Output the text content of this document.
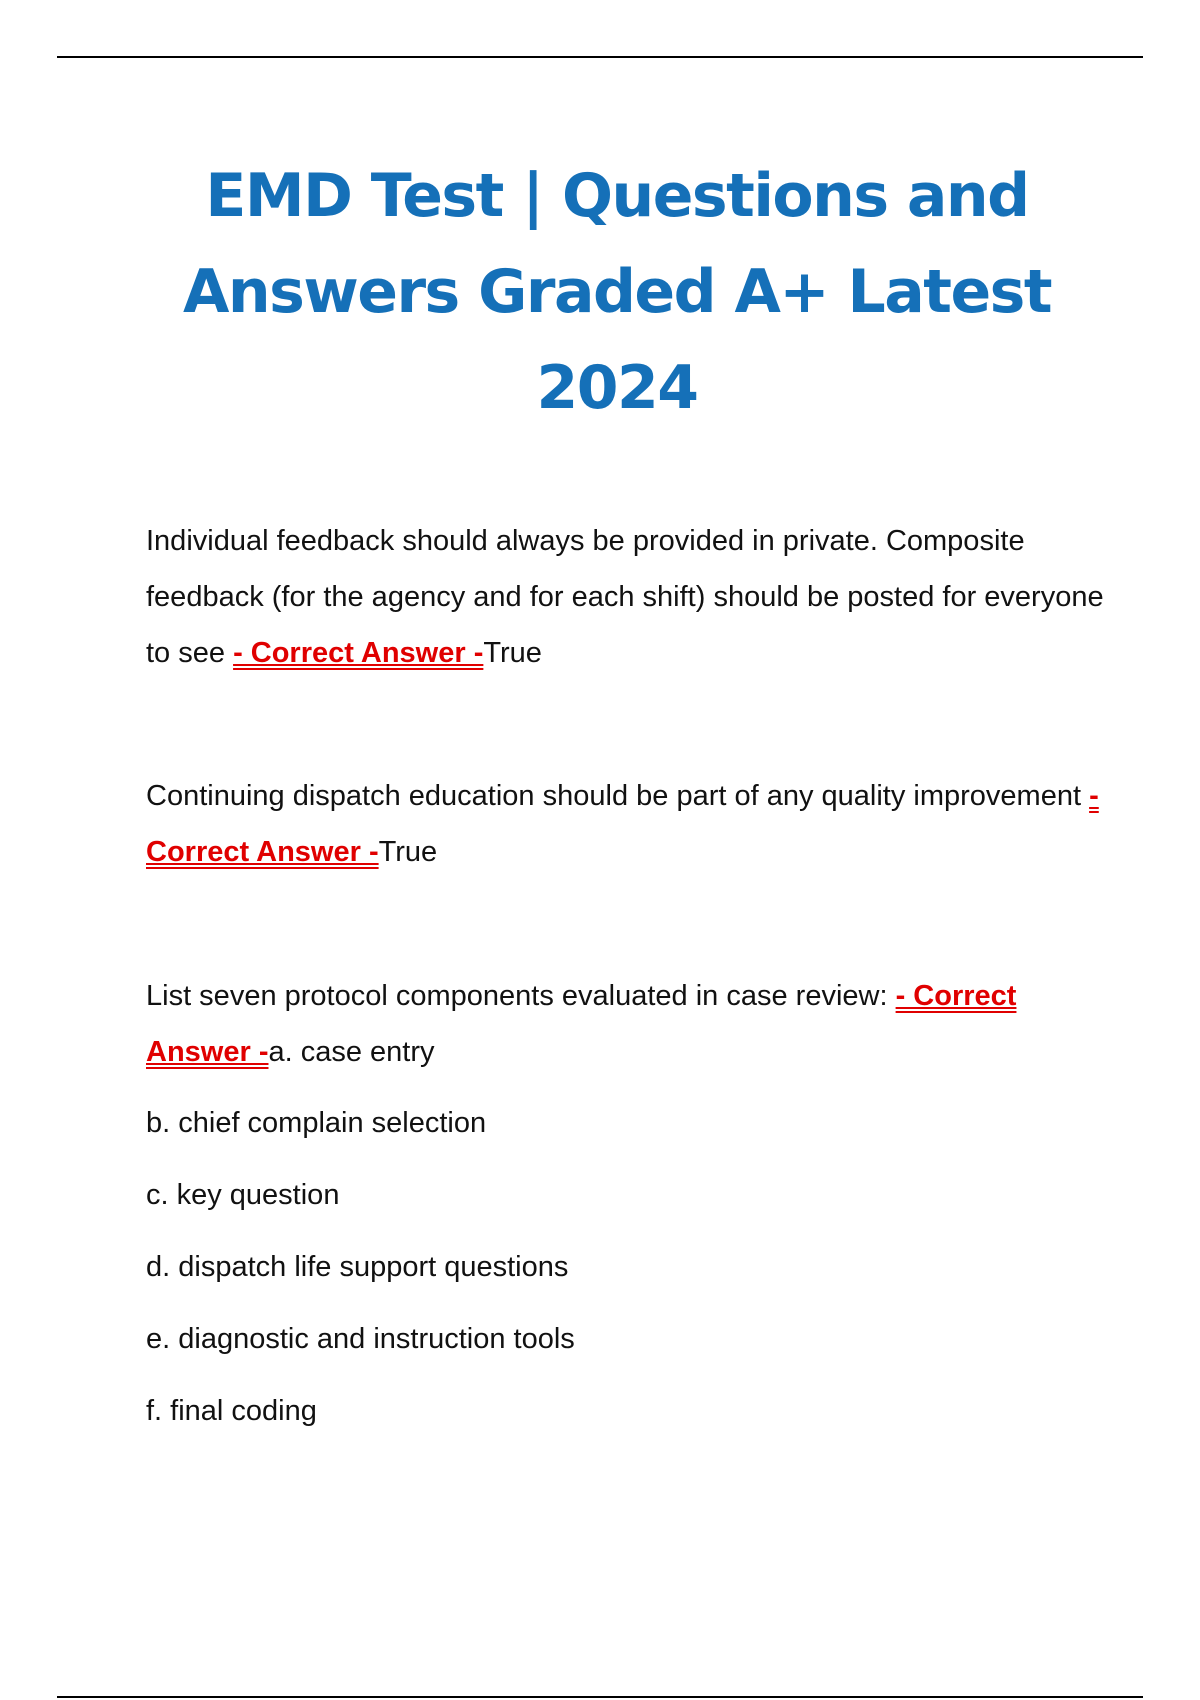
EMD Test | Questions and Answers Graded A+ Latest 2024

Individual feedback should always be provided in private. Composite feedback (for the agency and for each shift) should be posted for everyone to see - Correct Answer -True

Continuing dispatch education should be part of any quality improvement - Correct Answer -True

List seven protocol components evaluated in case review: - Correct Answer -a. case entry

b. chief complain selection
c. key question
d. dispatch life support questions
e. diagnostic and instruction tools
f. final coding
